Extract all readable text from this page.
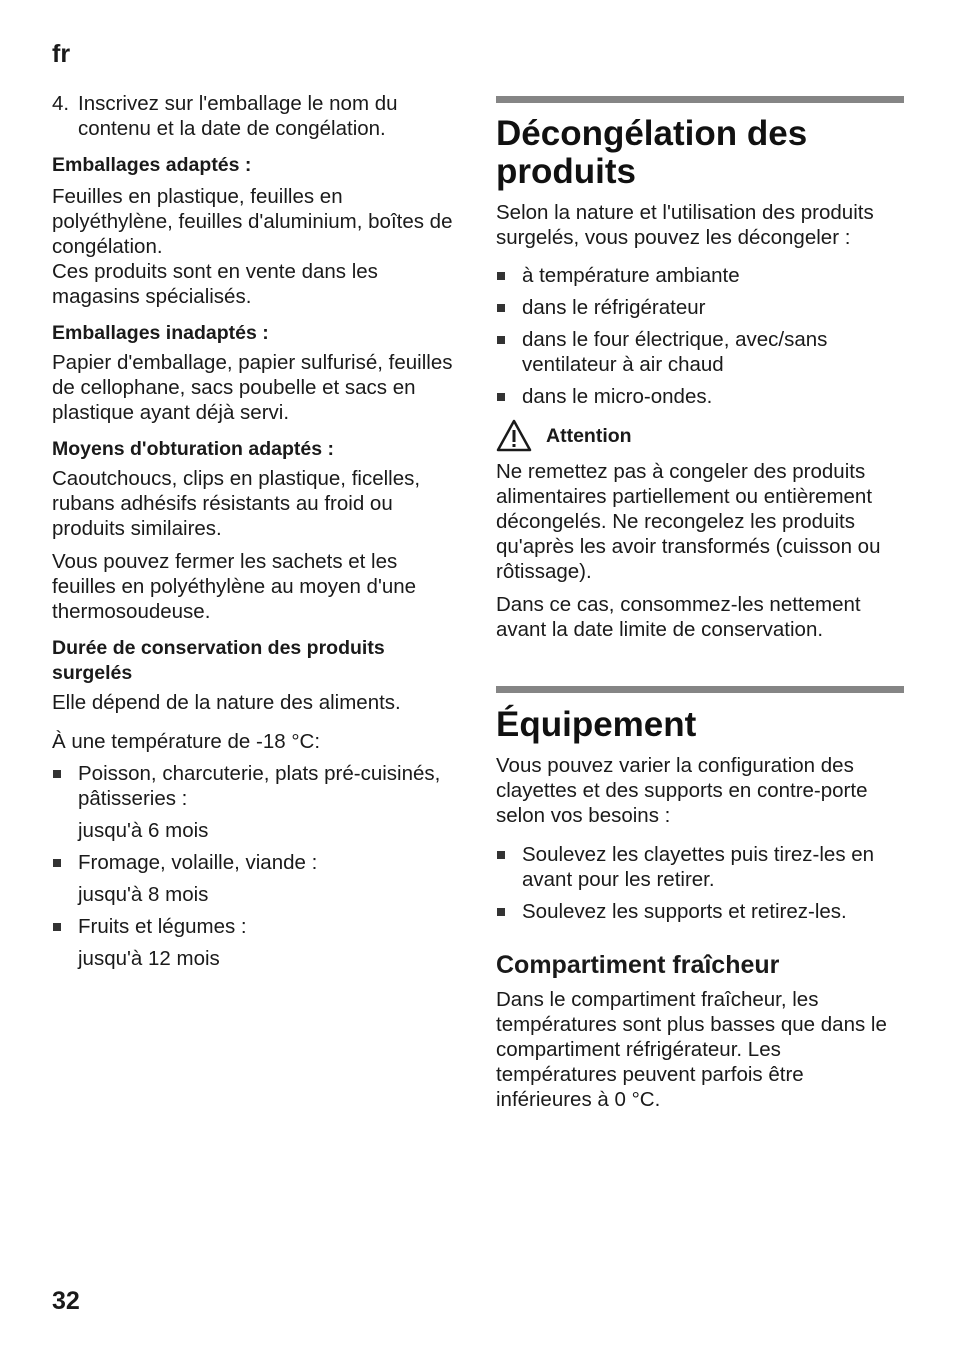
fr
4. Inscrivez sur l'emballage le nom du contenu et la date de congélation.

Emballages adaptés :

Feuilles en plastique, feuilles en polyéthylène, feuilles d'aluminium, boîtes de congélation.

Ces produits sont en vente dans les magasins spécialisés.

Emballages inadaptés :

Papier d'emballage, papier sulfurisé, feuilles de cellophane, sacs poubelle et sacs en plastique ayant déjà servi.

Moyens d'obturation adaptés :

Caoutchoucs, clips en plastique, ficelles, rubans adhésifs résistants au froid ou produits similaires.

Vous pouvez fermer les sachets et les feuilles en polyéthylène au moyen d'une thermosoudeuse.

Durée de conservation des produits surgelés

Elle dépend de la nature des aliments.

À une température de -18 °C:

Poisson, charcuterie, plats pré-cuisinés, pâtisseries :

jusqu'à 6 mois

Fromage, volaille, viande :

jusqu'à 8 mois

Fruits et légumes :

jusqu'à 12 mois

Décongélation des produits

Selon la nature et l'utilisation des produits surgelés, vous pouvez les décongeler :

à température ambiante
dans le réfrigérateur
dans le four électrique, avec/sans ventilateur à air chaud
dans le micro-ondes.
Attention

Ne remettez pas à congeler des produits alimentaires partiellement ou entièrement décongelés. Ne recongelez les produits qu'après les avoir transformés (cuisson ou rôtissage).

Dans ce cas, consommez-les nettement avant la date limite de conservation.

Équipement

Vous pouvez varier la configuration des clayettes et des supports en contre-porte selon vos besoins :

Soulevez les clayettes puis tirez-les en avant pour les retirer.
Soulevez les supports et retirez-les.
Compartiment fraîcheur

Dans le compartiment fraîcheur, les températures sont plus basses que dans le compartiment réfrigérateur. Les températures peuvent parfois être inférieures à 0 °C.

32
